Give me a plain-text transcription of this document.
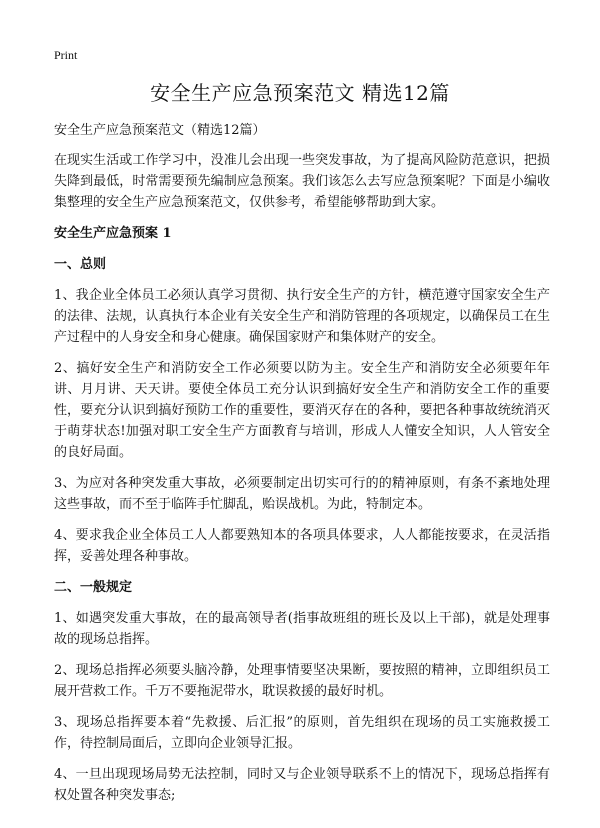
Print
安全生产应急预案范文 精选12篇

安全生产应急预案范文（精选12篇）

在现实生活或工作学习中，没准儿会出现一些突发事故，为了提高风险防范意识，把损失降到最低，时常需要预先编制应急预案。我们该怎么去写应急预案呢？下面是小编收集整理的安全生产应急预案范文，仅供参考，希望能够帮助到大家。

安全生产应急预案 1
一、总则

1、我企业全体员工必须认真学习贯彻、执行安全生产的方针，横范遵守国家安全生产的法律、法规，认真执行本企业有关安全生产和消防管理的各项规定，以确保员工在生产过程中的人身安全和身心健康。确保国家财产和集体财产的安全。

2、搞好安全生产和消防安全工作必须要以防为主。安全生产和消防安全必须要年年讲、月月讲、天天讲。要使全体员工充分认识到搞好安全生产和消防安全工作的重要性，要充分认识到搞好预防工作的重要性，要消灭存在的各种，要把各种事故统统消灭于萌芽状态!加强对职工安全生产方面教育与培训，形成人人懂安全知识，人人管安全的良好局面。

3、为应对各种突发重大事故，必须要制定出切实可行的的精神原则，有条不紊地处理这些事故，而不至于临阵手忙脚乱，贻误战机。为此，特制定本。

4、要求我企业全体员工人人都要熟知本的各项具体要求，人人都能按要求，在灵活指挥，妥善处理各种事故。

二、一般规定

1、如遇突发重大事故，在的最高领导者(指事故班组的班长及以上干部)，就是处理事故的现场总指挥。

2、现场总指挥必须要头脑冷静，处理事情要坚决果断，要按照的精神，立即组织员工展开营救工作。千万不要拖泥带水，耽误救援的最好时机。

3、现场总指挥要本着“先救援、后汇报”的原则，首先组织在现场的员工实施救援工作，待控制局面后，立即向企业领导汇报。

4、一旦出现现场局势无法控制，同时又与企业领导联系不上的情况下，现场总指挥有权处置各种突发事态;
